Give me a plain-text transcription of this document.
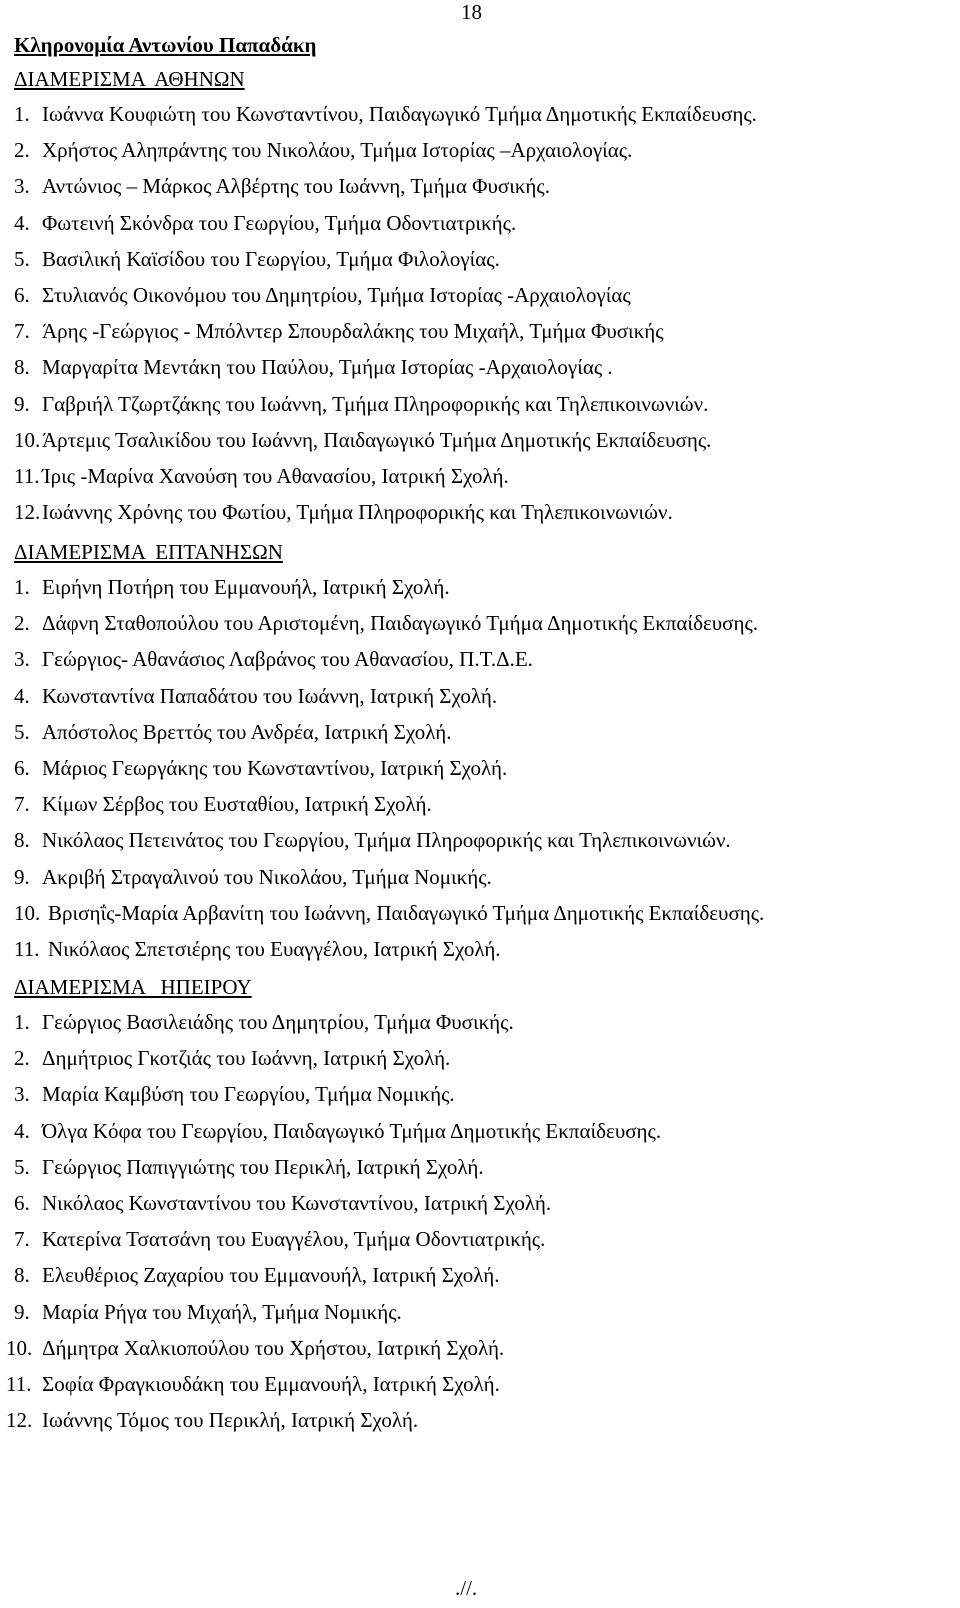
18
Κληρονομία Αντωνίου Παπαδάκη
ΔΙΑΜΕΡΙΣΜΑ  ΑΘΗΝΩΝ
1. Ιωάννα Κουφιώτη του Κωνσταντίνου, Παιδαγωγικό Τμήμα Δημοτικής Εκπαίδευσης.
2. Χρήστος Αληπράντης του Νικολάου, Τμήμα Ιστορίας –Αρχαιολογίας.
3. Αντώνιος – Μάρκος Αλβέρτης του Ιωάννη, Τμήμα Φυσικής.
4. Φωτεινή Σκόνδρα του Γεωργίου, Τμήμα Οδοντιατρικής.
5. Βασιλική Καϊσίδου του Γεωργίου, Τμήμα Φιλολογίας.
6. Στυλιανός Οικονόμου του Δημητρίου, Τμήμα Ιστορίας -Αρχαιολογίας
7. Άρης -Γεώργιος - Μπόλντερ Σπουρδαλάκης του Μιχαήλ, Τμήμα Φυσικής
8. Μαργαρίτα Μεντάκη του Παύλου, Τμήμα Ιστορίας -Αρχαιολογίας .
9. Γαβριήλ Τζωρτζάκης του Ιωάννη, Τμήμα Πληροφορικής και Τηλεπικοινωνιών.
10.Άρτεμις Τσαλικίδου του Ιωάννη, Παιδαγωγικό Τμήμα Δημοτικής Εκπαίδευσης.
11. Ίρις -Μαρίνα Χανούση του Αθανασίου, Ιατρική Σχολή.
12.Ιωάννης Χρόνης του Φωτίου, Τμήμα Πληροφορικής και Τηλεπικοινωνιών.
ΔΙΑΜΕΡΙΣΜΑ  ΕΠΤΑΝΗΣΩΝ
1. Ειρήνη Ποτήρη του Εμμανουήλ, Ιατρική Σχολή.
2. Δάφνη Σταθοπούλου του Αριστομένη, Παιδαγωγικό Τμήμα Δημοτικής Εκπαίδευσης.
3. Γεώργιος- Αθανάσιος Λαβράνος του Αθανασίου, Π.Τ.Δ.Ε.
4. Κωνσταντίνα Παπαδάτου του Ιωάννη, Ιατρική Σχολή.
5. Απόστολος Βρεττός του Ανδρέα, Ιατρική Σχολή.
6. Μάριος Γεωργάκης του Κωνσταντίνου, Ιατρική Σχολή.
7. Κίμων Σέρβος του Ευσταθίου, Ιατρική Σχολή.
8. Νικόλαος Πετεινάτος του Γεωργίου, Τμήμα Πληροφορικής και Τηλεπικοινωνιών.
9. Ακριβή Στραγαλινού του Νικολάου, Τμήμα Νομικής.
10. Βρισηΐς-Μαρία Αρβανίτη του Ιωάννη, Παιδαγωγικό Τμήμα Δημοτικής Εκπαίδευσης.
11. Νικόλαος Σπετσιέρης του Ευαγγέλου, Ιατρική Σχολή.
ΔΙΑΜΕΡΙΣΜΑ   ΗΠΕΙΡΟΥ
1. Γεώργιος Βασιλειάδης του Δημητρίου, Τμήμα Φυσικής.
2. Δημήτριος Γκοτζιάς του Ιωάννη, Ιατρική Σχολή.
3. Μαρία Καμβύση του Γεωργίου, Τμήμα Νομικής.
4. Όλγα Κόφα του Γεωργίου, Παιδαγωγικό Τμήμα Δημοτικής Εκπαίδευσης.
5. Γεώργιος Παπιγγιώτης του Περικλή, Ιατρική Σχολή.
6. Νικόλαος Κωνσταντίνου του Κωνσταντίνου, Ιατρική Σχολή.
7. Κατερίνα Τσατσάνη του Ευαγγέλου, Τμήμα Οδοντιατρικής.
8. Ελευθέριος Ζαχαρίου του Εμμανουήλ, Ιατρική Σχολή.
9. Μαρία Ρήγα του Μιχαήλ, Τμήμα Νομικής.
10. Δήμητρα Χαλκιοπούλου του Χρήστου, Ιατρική Σχολή.
11. Σοφία Φραγκιουδάκη του Εμμανουήλ, Ιατρική Σχολή.
12. Ιωάννης Τόμος του Περικλή, Ιατρική Σχολή.
.//.
